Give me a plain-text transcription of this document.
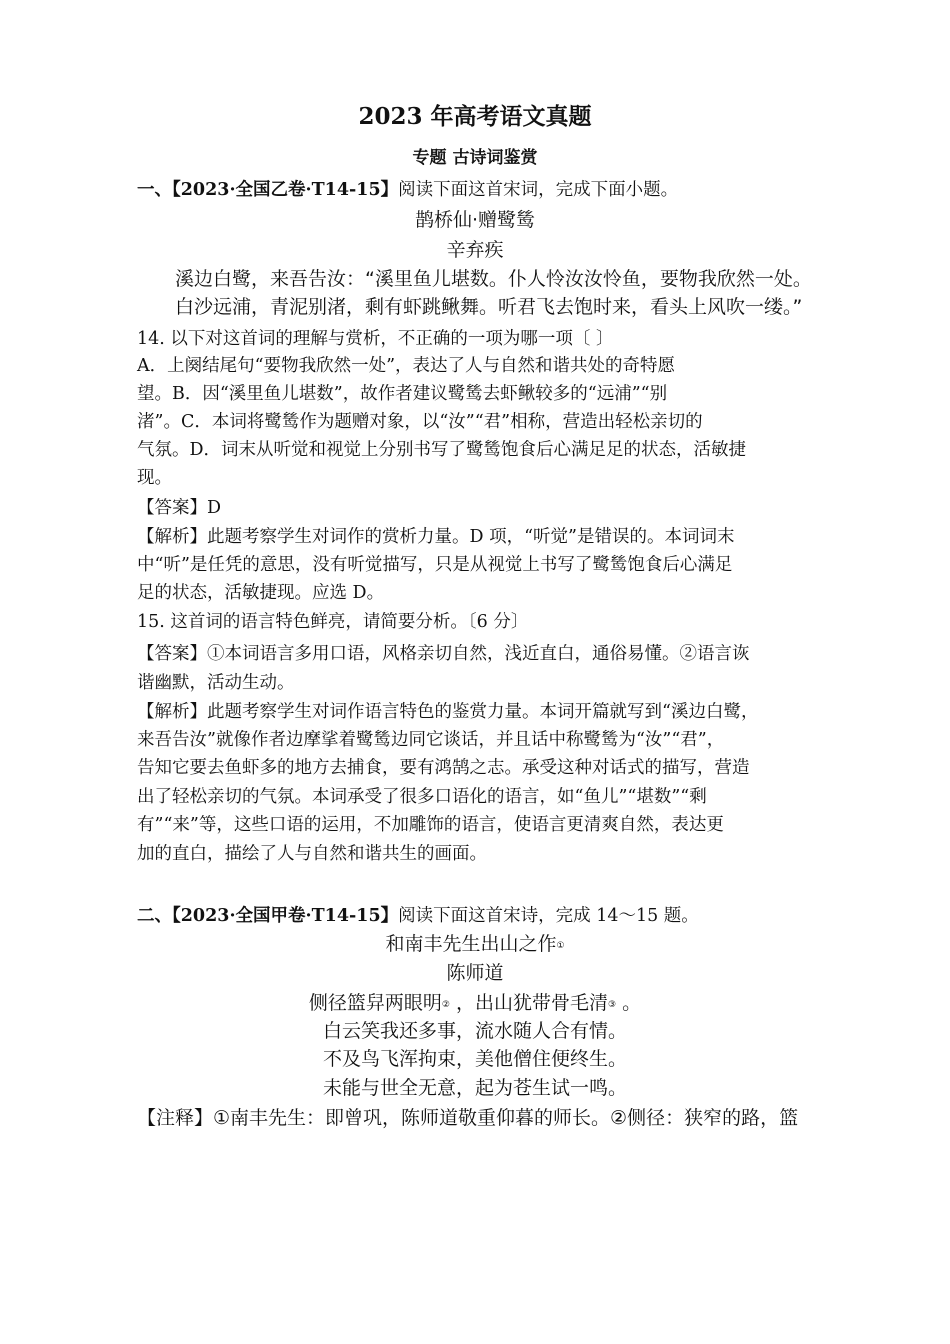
2023 年高考语文真题
专题 古诗词鉴赏
一、【2023·全国乙卷·T14-15】阅读下面这首宋词，完成下面小题。
鹊桥仙·赠鹭鸶
辛弃疾
溪边白鹭，来吾告汝：“溪里鱼儿堪数。仆人怜汝汝怜鱼，要物我欣然一处。
白沙远浦，青泥别渚，剩有虾跳鳅舞。听君飞去饱时来，看头上风吹一缕。”
14. 以下对这首词的理解与赏析，不正确的一项为哪一项〔 〕
A．上阕结尾句“要物我欣然一处”，表达了人与自然和谐共处的奇特愿
望。B．因“溪里鱼儿堪数”，故作者建议鹭鸶去虾鳅较多的“远浦”“别
渚”。C．本词将鹭鸶作为题赠对象，以“汝”“君”相称，营造出轻松亲切的
气氛。D．词末从听觉和视觉上分别书写了鹭鸶饱食后心满足足的状态，活敏捷
现。
【答案】D
【解析】此题考察学生对词作的赏析力量。D 项，“听觉”是错误的。本词词末
中“听”是任凭的意思，没有听觉描写，只是从视觉上书写了鹭鸶饱食后心满足
足的状态，活敏捷现。应选 D。
15. 这首词的语言特色鲜亮，请简要分析。〔6 分〕
【答案】①本词语言多用口语，风格亲切自然，浅近直白，通俗易懂。②语言诙
谐幽默，活动生动。
【解析】此题考察学生对词作语言特色的鉴赏力量。本词开篇就写到“溪边白鹭，
来吾告汝”就像作者边摩挲着鹭鸶边同它谈话，并且话中称鹭鸶为“汝”“君”，
告知它要去鱼虾多的地方去捕食，要有鸿鹄之志。承受这种对话式的描写，营造
出了轻松亲切的气氛。本词承受了很多口语化的语言，如“鱼儿”“堪数”“剩
有”“来”等，这些口语的运用，不加雕饰的语言，使语言更清爽自然，表达更
加的直白，描绘了人与自然和谐共生的画面。
二、【2023·全国甲卷·T14-15】阅读下面这首宋诗，完成 14～15 题。
和南丰先生出山之作①
陈师道
侧径篮舁两眼明② ，出山犹带骨毛清③ 。
白云笑我还多事，流水随人合有情。
不及鸟飞浑拘束，美他僧住便终生。
未能与世全无意，起为苍生试一鸣。
【注释】①南丰先生：即曾巩，陈师道敬重仰暮的师长。②侧径：狭窄的路，篮
